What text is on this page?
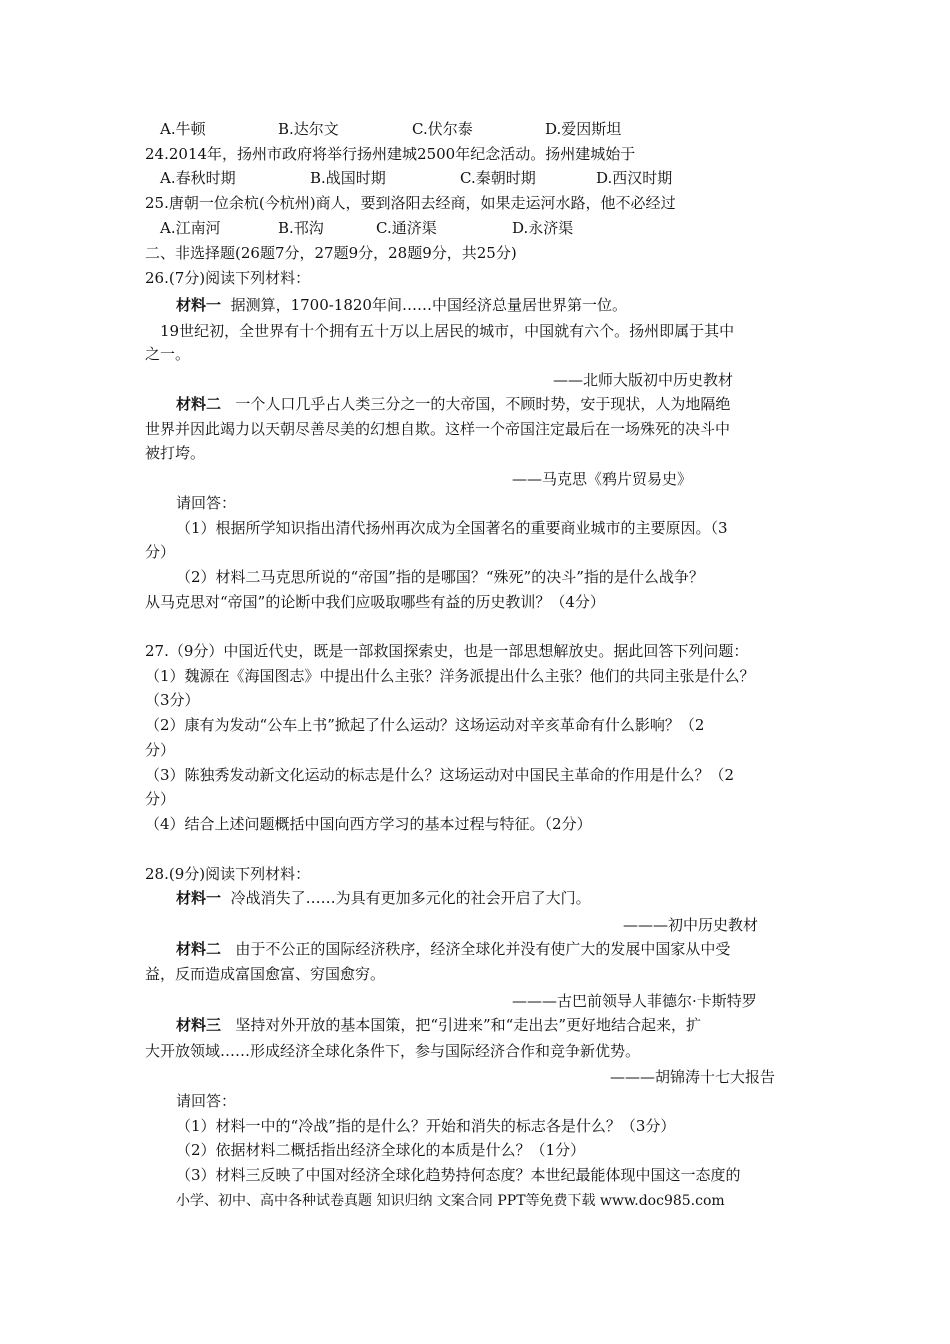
A.牛顿	B.达尔文	C.伏尔泰	D.爱因斯坦
24.2014年，扬州市政府将举行扬州建城2500年纪念活动。扬州建城始于
A.春秋时期	B.战国时期	C.秦朝时期	D.西汉时期
25.唐朝一位余杭(今杭州)商人，要到洛阳去经商，如果走运河水路，他不必经过
A.江南河	B.邗沟	C.通济渠	D.永济渠
二、非选择题(26题7分，27题9分，28题9分，共25分)
26.(7分)阅读下列材料：
材料一 据测算，1700-1820年间……中国经济总量居世界第一位。
19世纪初，全世界有十个拥有五十万以上居民的城市，中国就有六个。扬州即属于其中
之一。
——北师大版初中历史教材
材料二 一个人口几乎占人类三分之一的大帝国，不顾时势，安于现状，人为地隔绝
世界并因此竭力以天朝尽善尽美的幻想自欺。这样一个帝国注定最后在一场殊死的决斗中
被打垮。
——马克思《鸦片贸易史》
请回答：
（1）根据所学知识指出清代扬州再次成为全国著名的重要商业城市的主要原因。（3
分）
（2）材料二马克思所说的“帝国”指的是哪国？“殊死”的决斗”指的是什么战争？
从马克思对“帝国”的论断中我们应吸取哪些有益的历史教训？（4分）
27.（9分）中国近代史，既是一部救国探索史，也是一部思想解放史。据此回答下列问题：
（1）魏源在《海国图志》中提出什么主张？洋务派提出什么主张？他们的共同主张是什么？
（3分）
（2）康有为发动“公车上书”掀起了什么运动？这场运动对辛亥革命有什么影响？（2
分）
（3）陈独秀发动新文化运动的标志是什么？这场运动对中国民主革命的作用是什么？（2
分）
（4）结合上述问题概括中国向西方学习的基本过程与特征。（2分）
28.(9分)阅读下列材料：
材料一 冷战消失了……为具有更加多元化的社会开启了大门。
———初中历史教材
材料二 由于不公正的国际经济秩序，经济全球化并没有使广大的发展中国家从中受
益，反而造成富国愈富、穷国愈穷。
———古巴前领导人菲德尔·卡斯特罗
材料三 坚持对外开放的基本国策，把“引进来”和“走出去”更好地结合起来，扩
大开放领域……形成经济全球化条件下，参与国际经济合作和竞争新优势。
———胡锦涛十七大报告
请回答：
（1）材料一中的“冷战”指的是什么？开始和消失的标志各是什么？（3分）
（2）依据材料二概括指出经济全球化的本质是什么？（1分）
（3）材料三反映了中国对经济全球化趋势持何态度？本世纪最能体现中国这一态度的
小学、初中、高中各种试卷真题 知识归纳 文案合同 PPT等免费下载 www.doc985.com
